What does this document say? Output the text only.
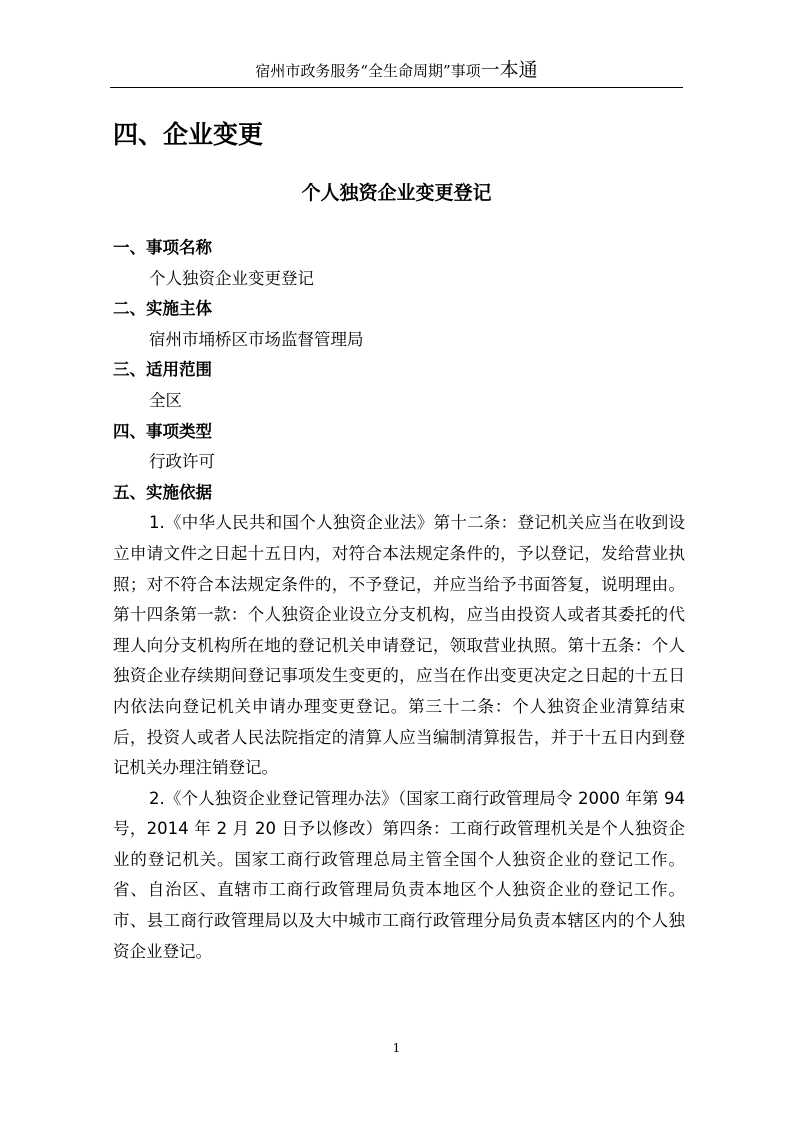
宿州市政务服务“全生命周期”事项一本通
四、企业变更
个人独资企业变更登记
一、事项名称
个人独资企业变更登记
二、实施主体
宿州市埇桥区市场监督管理局
三、适用范围
全区
四、事项类型
行政许可
五、实施依据
1.《中华人民共和国个人独资企业法》第十二条：登记机关应当在收到设立申请文件之日起十五日内，对符合本法规定条件的，予以登记，发给营业执照；对不符合本法规定条件的，不予登记，并应当给予书面答复，说明理由。第十四条第一款：个人独资企业设立分支机构，应当由投资人或者其委托的代理人向分支机构所在地的登记机关申请登记，领取营业执照。第十五条：个人独资企业存续期间登记事项发生变更的，应当在作出变更决定之日起的十五日内依法向登记机关申请办理变更登记。第三十二条：个人独资企业清算结束后，投资人或者人民法院指定的清算人应当编制清算报告，并于十五日内到登记机关办理注销登记。
2.《个人独资企业登记管理办法》（国家工商行政管理局令 2000 年第 94 号，2014 年 2 月 20 日予以修改）第四条：工商行政管理机关是个人独资企业的登记机关。国家工商行政管理总局主管全国个人独资企业的登记工作。省、自治区、直辖市工商行政管理局负责本地区个人独资企业的登记工作。市、县工商行政管理局以及大中城市工商行政管理分局负责本辖区内的个人独资企业登记。
1
